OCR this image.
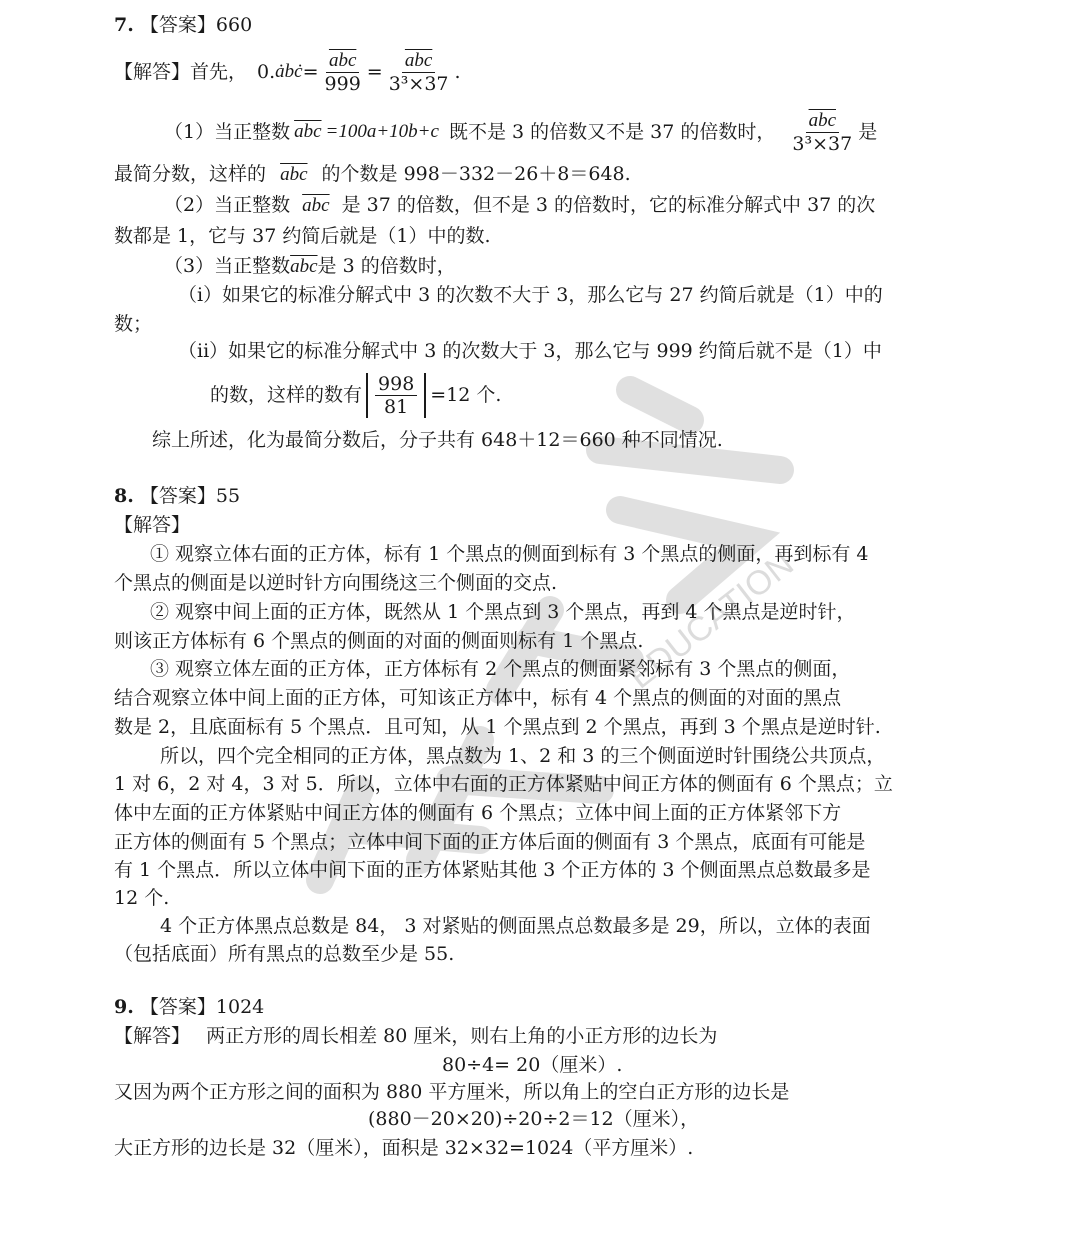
EDUCATION
7. 【答案】660
【解答】 首先， 0. ȧbċ = $\frac{\overline{abc}}{999} = \frac{\overline{abc}}{\text{3³×37}}$ .
（1）当正整数 $\overline{abc} =100a+10b+c$ 既不是 3 的倍数又不是 37 的倍数时， $\frac{\overline{abc}}{\text{3³×37}}$ 是
最简分数，这样的 $\overline{abc}$ 的个数是 998－332－26＋8＝648.
（2）当正整数 $\overline{abc}$ 是 37 的倍数，但不是 3 的倍数时，它的标准分解式中 37 的次
数都是 1，它与 37 约简后就是（1）中的数.
（3）当正整数$\overline{abc}$是 3 的倍数时，
（i）如果它的标准分解式中 3 的次数不大于 3，那么它与 27 约简后就是（1）中的
数；
（ii）如果它的标准分解式中 3 的次数大于 3，那么它与 999 约简后就不是（1）中
的数，这样的数有 $\frac{998}{81} =12$ 个.
综上所述，化为最简分数后，分子共有 648＋12＝660 种不同情况.
8. 【答案】55
【解答】
① 观察立体右面的正方体，标有 1 个黑点的侧面到标有 3 个黑点的侧面，再到标有 4
个黑点的侧面是以逆时针方向围绕这三个侧面的交点.
② 观察中间上面的正方体，既然从 1 个黑点到 3 个黑点，再到 4 个黑点是逆时针，
则该正方体标有 6 个黑点的侧面的对面的侧面则标有 1 个黑点.
③ 观察立体左面的正方体，正方体标有 2 个黑点的侧面紧邻标有 3 个黑点的侧面，
结合观察立体中间上面的正方体，可知该正方体中，标有 4 个黑点的侧面的对面的黑点
数是 2，且底面标有 5 个黑点．且可知，从 1 个黑点到 2 个黑点，再到 3 个黑点是逆时针.
所以，四个完全相同的正方体，黑点数为 1、2 和 3 的三个侧面逆时针围绕公共顶点，
1 对 6，2 对 4，3 对 5．所以，立体中右面的正方体紧贴中间正方体的侧面有 6 个黑点；立
体中左面的正方体紧贴中间正方体的侧面有 6 个黑点；立体中间上面的正方体紧邻下方
正方体的侧面有 5 个黑点；立体中间下面的正方体后面的侧面有 3 个黑点，底面有可能是
有 1 个黑点．所以立体中间下面的正方体紧贴其他 3 个正方体的 3 个侧面黑点总数最多是
12 个.
4 个正方体黑点总数是 84， 3 对紧贴的侧面黑点总数最多是 29，所以，立体的表面
（包括底面）所有黑点的总数至少是 55.
9. 【答案】1024
【解答】 两正方形的周长相差 80 厘米，则右上角的小正方形的边长为
80÷4= 20（厘米）.
又因为两个正方形之间的面积为 880 平方厘米，所以角上的空白正方形的边长是
(880－20×20)÷20÷2＝12（厘米），
大正方形的边长是 32（厘米），面积是 32×32=1024（平方厘米）.
